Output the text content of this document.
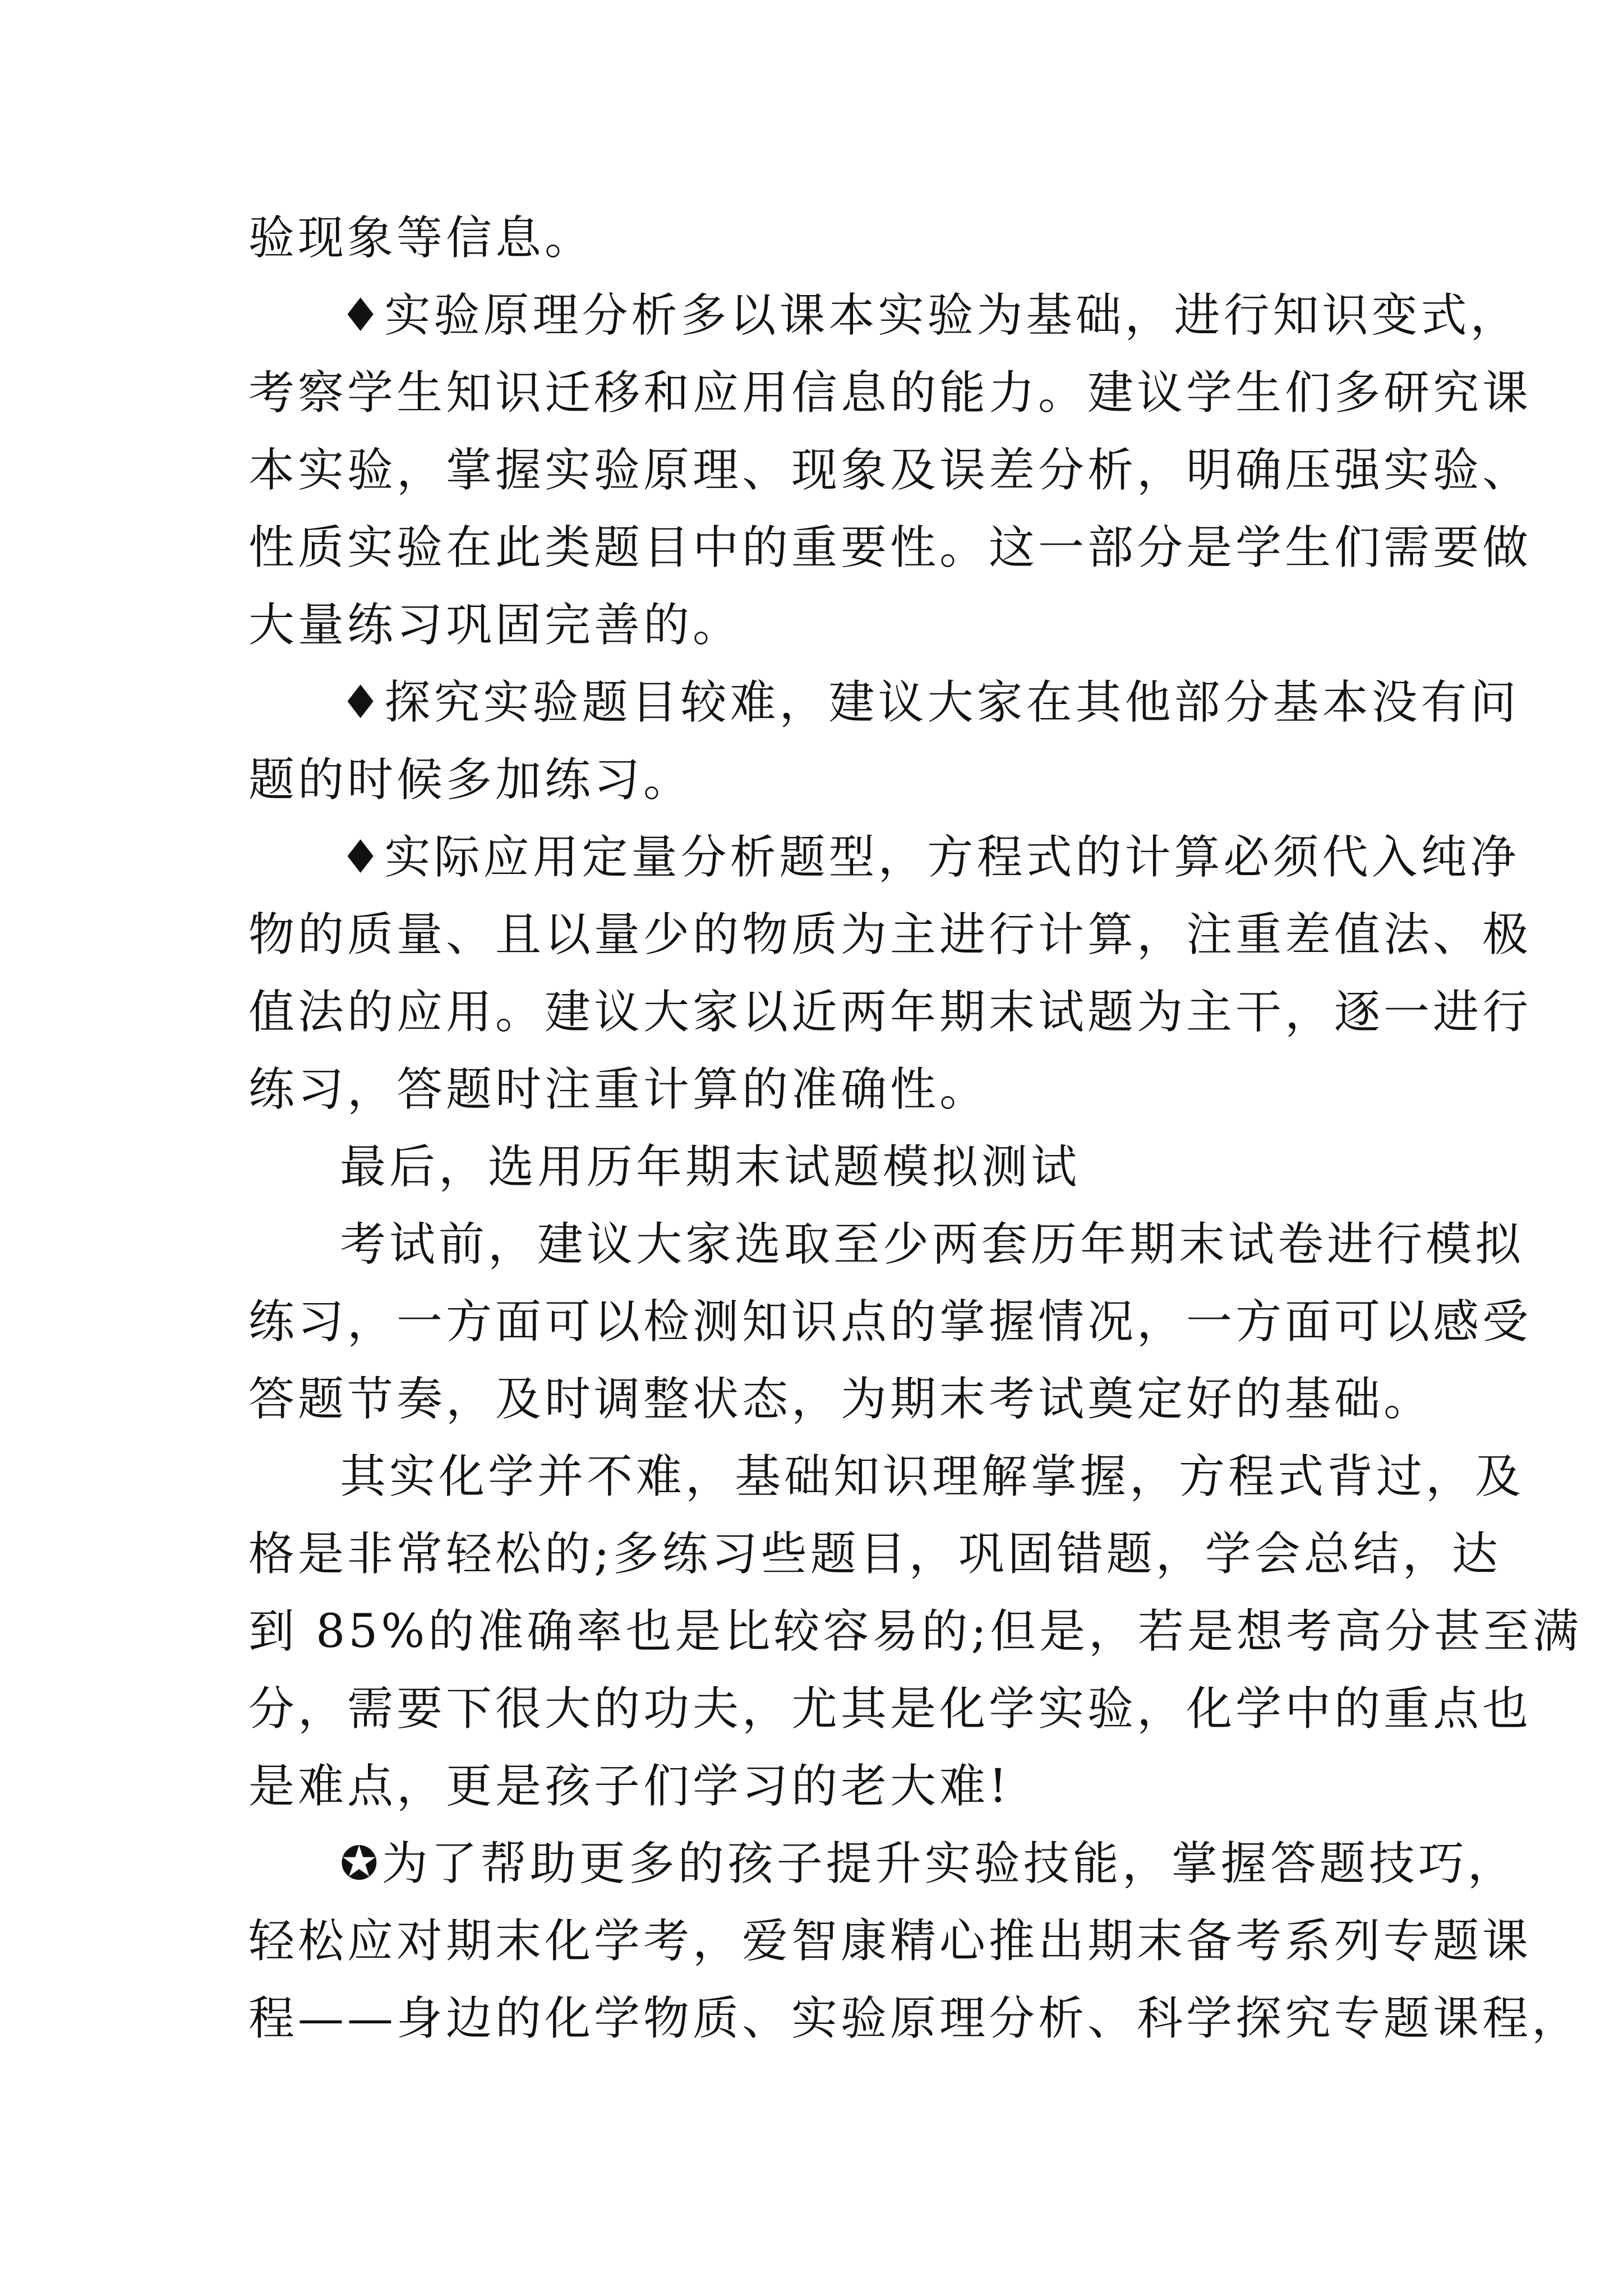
验现象等信息。

♦实验原理分析多以课本实验为基础，进行知识变式，

考察学生知识迁移和应用信息的能力。建议学生们多研究课

本实验，掌握实验原理、现象及误差分析，明确压强实验、

性质实验在此类题目中的重要性。这一部分是学生们需要做

大量练习巩固完善的。

♦探究实验题目较难，建议大家在其他部分基本没有问

题的时候多加练习。

♦实际应用定量分析题型，方程式的计算必须代入纯净

物的质量、且以量少的物质为主进行计算，注重差值法、极

值法的应用。建议大家以近两年期末试题为主干，逐一进行

练习，答题时注重计算的准确性。

最后，选用历年期末试题模拟测试

考试前，建议大家选取至少两套历年期末试卷进行模拟

练习，一方面可以检测知识点的掌握情况，一方面可以感受

答题节奏，及时调整状态，为期末考试奠定好的基础。

其实化学并不难，基础知识理解掌握，方程式背过，及

格是非常轻松的;多练习些题目，巩固错题，学会总结，达

到 85%的准确率也是比较容易的;但是，若是想考高分甚至满

分，需要下很大的功夫，尤其是化学实验，化学中的重点也

是难点，更是孩子们学习的老大难!

✪为了帮助更多的孩子提升实验技能，掌握答题技巧，

轻松应对期末化学考，爱智康精心推出期末备考系列专题课

程——身边的化学物质、实验原理分析、科学探究专题课程，
